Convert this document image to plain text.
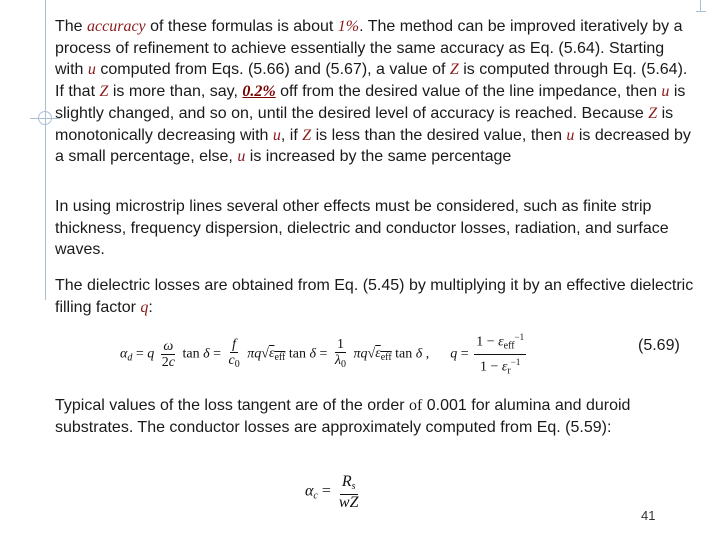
The accuracy of these formulas is about 1%. The method can be improved iteratively by a process of refinement to achieve essentially the same accuracy as Eq. (5.64). Starting with u computed from Eqs. (5.66) and (5.67), a value of Z is computed through Eq. (5.64). If that Z is more than, say, 0.2% off from the desired value of the line impedance, then u is slightly changed, and so on, until the desired level of accuracy is reached. Because Z is monotonically decreasing with u, if Z is less than the desired value, then u is decreased by a small percentage, else, u is increased by the same percentage
In using microstrip lines several other effects must be considered, such as finite strip thickness, frequency dispersion, dielectric and conductor losses, radiation, and surface waves.
The dielectric losses are obtained from Eq. (5.45) by multiplying it by an effective dielectric filling factor q:
$\alpha_d = q \frac{\omega}{2c}$ $\tan \delta = \frac{f}{c_0} \pi q√\varepsilon_{eff}$ $\tan \delta = \frac{1}{\lambda_0} \pi q√\varepsilon_{eff}$ tan δ ,      $q = \frac{1 - \varepsilon_{eff}^{-1}}{1 - \varepsilon_r^{-1}}$	(5.69)
Typical values of the loss tangent are of the order of 0.001 for alumina and duroid substrates. The conductor losses are approximately computed from Eq. (5.59):
$\alpha_c = \frac{R_s}{wZ}$
41
